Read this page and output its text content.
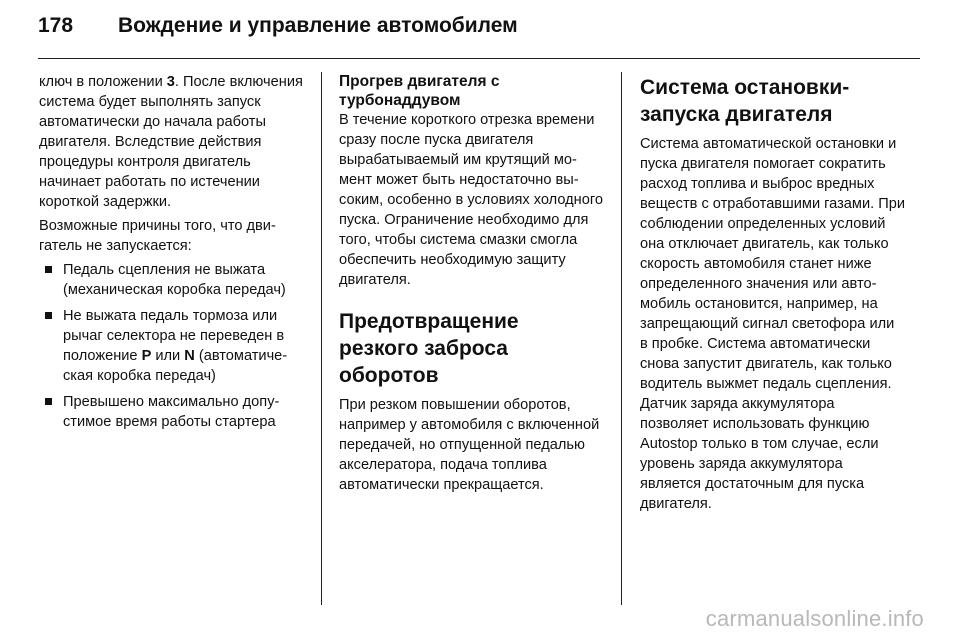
178	Вождение и управление автомобилем

ключ в положении 3. После включения система будет выполнять запуск автоматически до начала работы двигателя. Вследствие действия процедуры контроля двигатель начинает работать по истечении короткой задержки.

Возможные причины того, что двигатель не запускается:

Педаль сцепления не выжата (механическая коробка передач)
Не выжата педаль тормоза или рычаг селектора не переведен в положение P или N (автоматическая коробка передач)
Превышено максимально допустимое время работы стартера
Прогрев двигателя с турбонаддувом

В течение короткого отрезка времени сразу после пуска двигателя вырабатываемый им крутящий момент может быть недостаточно высоким, особенно в условиях холодного пуска. Ограничение необходимо для того, чтобы система смазки смогла обеспечить необходимую защиту двигателя.

Предотвращение резкого заброса оборотов

При резком повышении оборотов, например у автомобиля с включенной передачей, но отпущенной педалью акселератора, подача топлива автоматически прекращается.

Система остановки-запуска двигателя

Система автоматической остановки и пуска двигателя помогает сократить расход топлива и выброс вредных веществ с отработавшими газами. При соблюдении определенных условий она отключает двигатель, как только скорость автомобиля станет ниже определенного значения или автомобиль остановится, например, на запрещающий сигнал светофора или в пробке. Система автоматически снова запустит двигатель, как только водитель выжмет педаль сцепления. Датчик заряда аккумулятора позволяет использовать функцию Autostop только в том случае, если уровень заряда аккумулятора является достаточным для пуска двигателя.

carmanualsonline.info
